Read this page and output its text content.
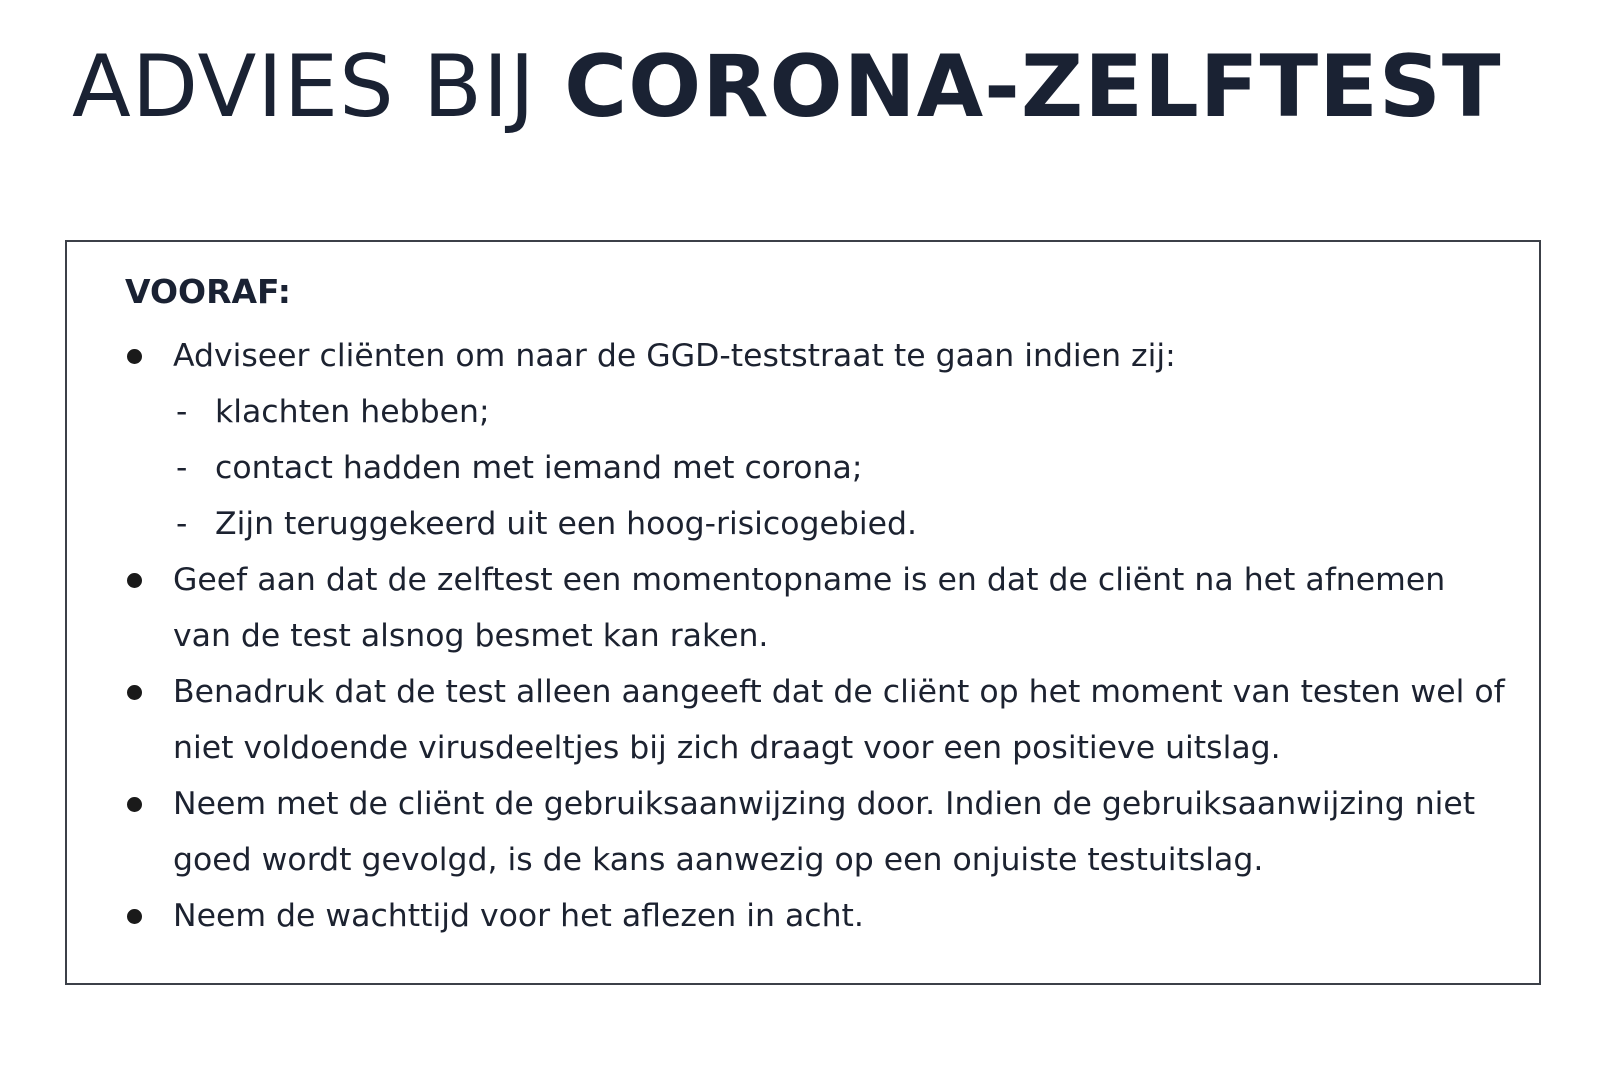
ADVIES BIJ CORONA-ZELFTEST
VOORAF:
Adviseer cliënten om naar de GGD-teststraat te gaan indien zij:
- klachten hebben;
- contact hadden met iemand met corona;
- Zijn teruggekeerd uit een hoog-risicogebied.
Geef aan dat de zelftest een momentopname is en dat de cliënt na het afnemen van de test alsnog besmet kan raken.
Benadruk dat de test alleen aangeeft dat de cliënt op het moment van testen wel of niet voldoende virusdeeltjes bij zich draagt voor een positieve uitslag.
Neem met de cliënt de gebruiksaanwijzing door. Indien de gebruiksaanwijzing niet goed wordt gevolgd, is de kans aanwezig op een onjuiste testuitslag.
Neem de wachttijd voor het aflezen in acht.
